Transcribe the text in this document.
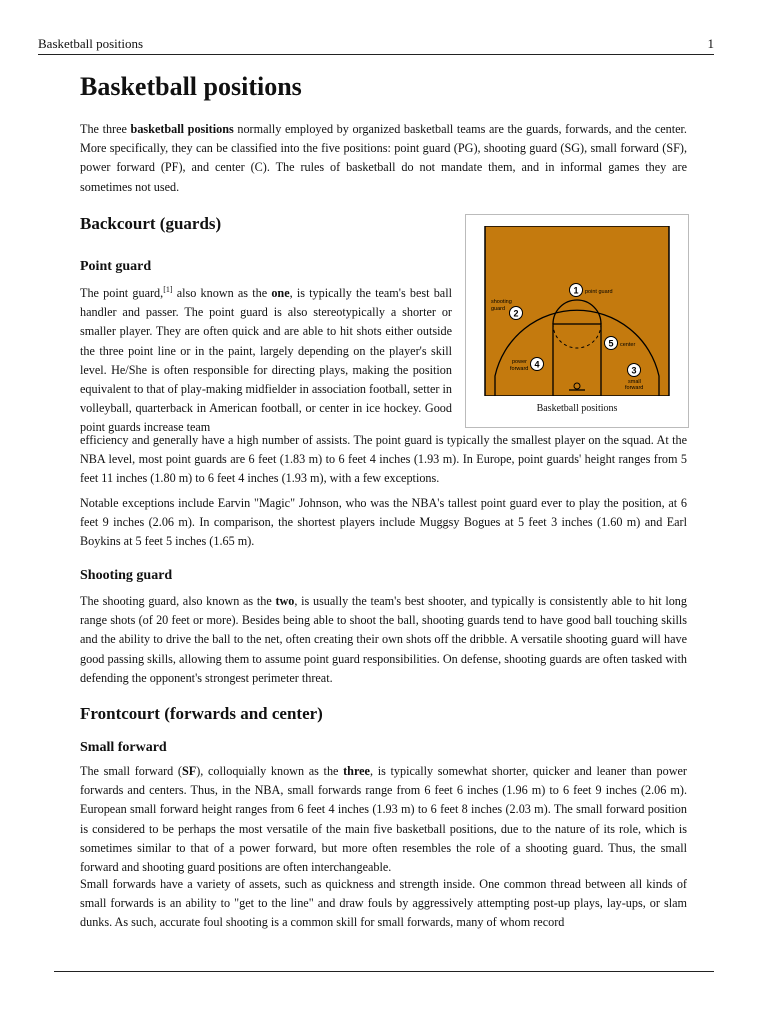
Basketball positions	1
Basketball positions

The three basketball positions normally employed by organized basketball teams are the guards, forwards, and the center. More specifically, they can be classified into the five positions: point guard (PG), shooting guard (SG), small forward (SF), power forward (PF), and center (C). The rules of basketball do not mandate them, and in informal games they are sometimes not used.

Backcourt (guards)
Point guard

The point guard,[1] also known as the one, is typically the team's best ball handler and passer. The point guard is also stereotypically a shorter or smaller player. They are often quick and are able to hit shots either outside the three point line or in the paint, largely depending on the player's skill level. He/She is often responsible for directing plays, making the position equivalent to that of play-making midfielder in association football, setter in volleyball, quarterback in American football, or center in ice hockey. Good point guards increase team

efficiency and generally have a high number of assists. The point guard is typically the smallest player on the squad. At the NBA level, most point guards are 6 feet (1.83 m) to 6 feet 4 inches (1.93 m). In Europe, point guards' height ranges from 5 feet 11 inches (1.80 m) to 6 feet 4 inches (1.93 m), with a few exceptions.

Notable exceptions include Earvin "Magic" Johnson, who was the NBA's tallest point guard ever to play the position, at 6 feet 9 inches (2.06 m). In comparison, the shortest players include Muggsy Bogues at 5 feet 3 inches (1.60 m) and Earl Boykins at 5 feet 5 inches (1.65 m).

Shooting guard

The shooting guard, also known as the two, is usually the team's best shooter, and typically is consistently able to hit long range shots (of 20 feet or more). Besides being able to shoot the ball, shooting guards tend to have good ball touching skills and the ability to drive the ball to the net, often creating their own shots off the dribble. A versatile shooting guard will have good passing skills, allowing them to assume point guard responsibilities. On defense, shooting guards are often tasked with defending the opponent's strongest perimeter threat.

Frontcourt (forwards and center)
Small forward

The small forward (SF), colloquially known as the three, is typically somewhat shorter, quicker and leaner than power forwards and centers. Thus, in the NBA, small forwards range from 6 feet 6 inches (1.96 m) to 6 feet 9 inches (2.06 m). European small forward height ranges from 6 feet 4 inches (1.93 m) to 6 feet 8 inches (2.03 m). The small forward position is considered to be perhaps the most versatile of the main five basketball positions, due to the nature of its role, which is sometimes similar to that of a power forward, but more often resembles the role of a shooting guard. Thus, the small forward and shooting guard positions are often interchangeable.

Small forwards have a variety of assets, such as quickness and strength inside. One common thread between all kinds of small forwards is an ability to "get to the line" and draw fouls by aggressively attempting post-up plays, lay-ups, or slam dunks. As such, accurate foul shooting is a common skill for small forwards, many of whom record

1 point guard
2
shooting
guard
5 center
4
power
forward	3
small
forward
Basketball positions
